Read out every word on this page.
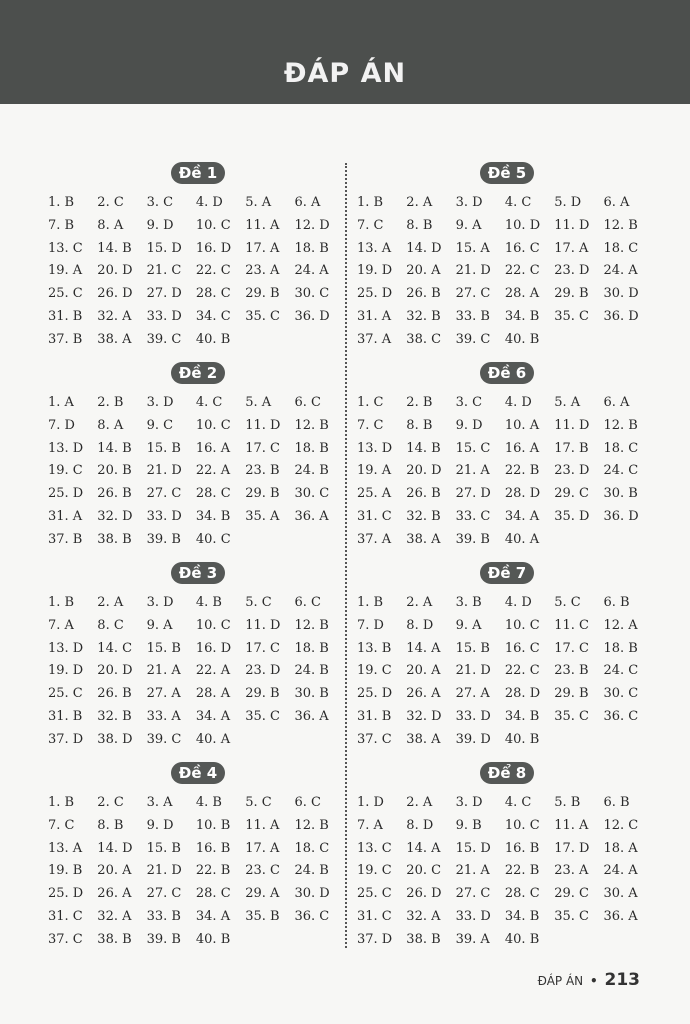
ĐÁP ÁN
Đề 1
1. B	2. C	3. C	4. D	5. A	6. A
7. B	8. A	9. D	10. C	11. A	12. D
13. C	14. B	15. D	16. D	17. A	18. B
19. A	20. D	21. C	22. C	23. A	24. A
25. C	26. D	27. D	28. C	29. B	30. C
31. B	32. A	33. D	34. C	35. C	36. D
37. B	38. A	39. C	40. B
Đề 2
1. A	2. B	3. D	4. C	5. A	6. C
7. D	8. A	9. C	10. C	11. D	12. B
13. D	14. B	15. B	16. A	17. C	18. B
19. C	20. B	21. D	22. A	23. B	24. B
25. D	26. B	27. C	28. C	29. B	30. C
31. A	32. D	33. D	34. B	35. A	36. A
37. B	38. B	39. B	40. C
Đề 3
1. B	2. A	3. D	4. B	5. C	6. C
7. A	8. C	9. A	10. C	11. D	12. B
13. D	14. C	15. B	16. D	17. C	18. B
19. D	20. D	21. A	22. A	23. D	24. B
25. C	26. B	27. A	28. A	29. B	30. B
31. B	32. B	33. A	34. A	35. C	36. A
37. D	38. D	39. C	40. A
Đề 4
1. B	2. C	3. A	4. B	5. C	6. C
7. C	8. B	9. D	10. B	11. A	12. B
13. A	14. D	15. B	16. B	17. A	18. C
19. B	20. A	21. D	22. B	23. C	24. B
25. D	26. A	27. C	28. C	29. A	30. D
31. C	32. A	33. B	34. A	35. B	36. C
37. C	38. B	39. B	40. B
Đề 5
1. B	2. A	3. D	4. C	5. D	6. A
7. C	8. B	9. A	10. D	11. D	12. B
13. A	14. D	15. A	16. C	17. A	18. C
19. D	20. A	21. D	22. C	23. D	24. A
25. D	26. B	27. C	28. A	29. B	30. D
31. A	32. B	33. B	34. B	35. C	36. D
37. A	38. C	39. C	40. B
Đề 6
1. C	2. B	3. C	4. D	5. A	6. A
7. C	8. B	9. D	10. A	11. D	12. B
13. D	14. B	15. C	16. A	17. B	18. C
19. A	20. D	21. A	22. B	23. D	24. C
25. A	26. B	27. D	28. D	29. C	30. B
31. C	32. B	33. C	34. A	35. D	36. D
37. A	38. A	39. B	40. A
Đề 7
1. B	2. A	3. B	4. D	5. C	6. B
7. D	8. D	9. A	10. C	11. C	12. A
13. B	14. A	15. B	16. C	17. C	18. B
19. C	20. A	21. D	22. C	23. B	24. C
25. D	26. A	27. A	28. D	29. B	30. C
31. B	32. D	33. D	34. B	35. C	36. C
37. C	38. A	39. D	40. B
Để 8
1. D	2. A	3. D	4. C	5. B	6. B
7. A	8. D	9. B	10. C	11. A	12. C
13. C	14. A	15. D	16. B	17. D	18. A
19. C	20. C	21. A	22. B	23. A	24. A
25. C	26. D	27. C	28. C	29. C	30. A
31. C	32. A	33. D	34. B	35. C	36. A
37. D	38. B	39. A	40. B
ĐÁP ÁN • 213
